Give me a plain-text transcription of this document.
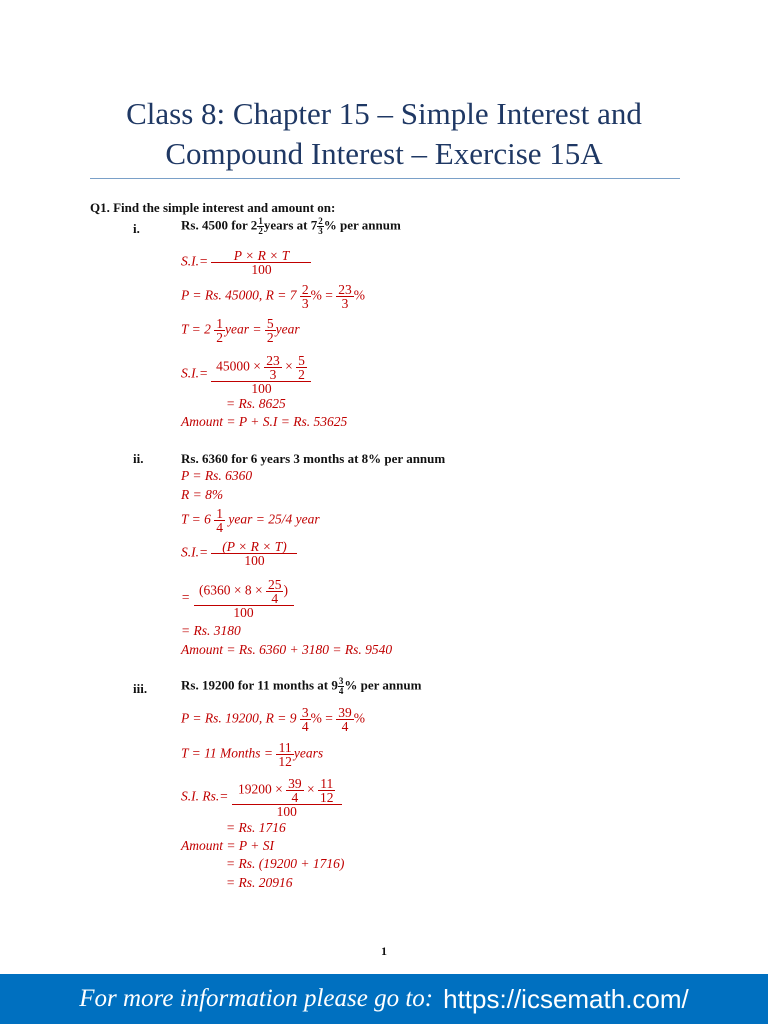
Class 8: Chapter 15 – Simple Interest and
Compound Interest – Exercise 15A
Q1. Find the simple interest and amount on:
i.	Rs. 4500 for $2 \frac{1}{2}$ years at $7 \frac{2}{3}$ % per annum
$S.I.= \frac{P \times R \times T}{100}$
P = Rs. 45000, $R = 7 \frac{2}{3}$ % = $\frac{23}{3}$ %
$T = 2 \frac{1}{2}$ year = $\frac{5}{2}$ year
$S.I.= \frac{45000 \times \frac{23}{3} \times \frac{5}{2}}{100}$
= Rs. 8625
Amount = P + S.I = Rs. 53625
ii.	Rs. 6360 for 6 years 3 months at 8% per annum
P = Rs. 6360
R = 8%
$T = 6 \frac{1}{4}$ year = 25/4 year
$S.I.= \frac{(P \times R \times T)}{100}$
= $\frac{(6360 \times 8 \times \frac{25}{4} )}{100}$
= Rs. 3180
Amount = Rs. 6360 + 3180 = Rs. 9540
iii.	Rs. 19200 for 11 months at $9 \frac{3}{4}$ % per annum
P = Rs. 19200, $R = 9 \frac{3}{4}$ % = $\frac{39}{4}$ %
T = 11 Months = $\frac{11}{12}$ years
S.I. $Rs.= \frac{19200 \times \frac{39}{4} \times \frac{11}{12}}{100}$
= Rs. 1716
Amount = P + SI
= Rs. (19200 + 1716)
= Rs. 20916
1
For more information please go to: https://icsemath.com/
